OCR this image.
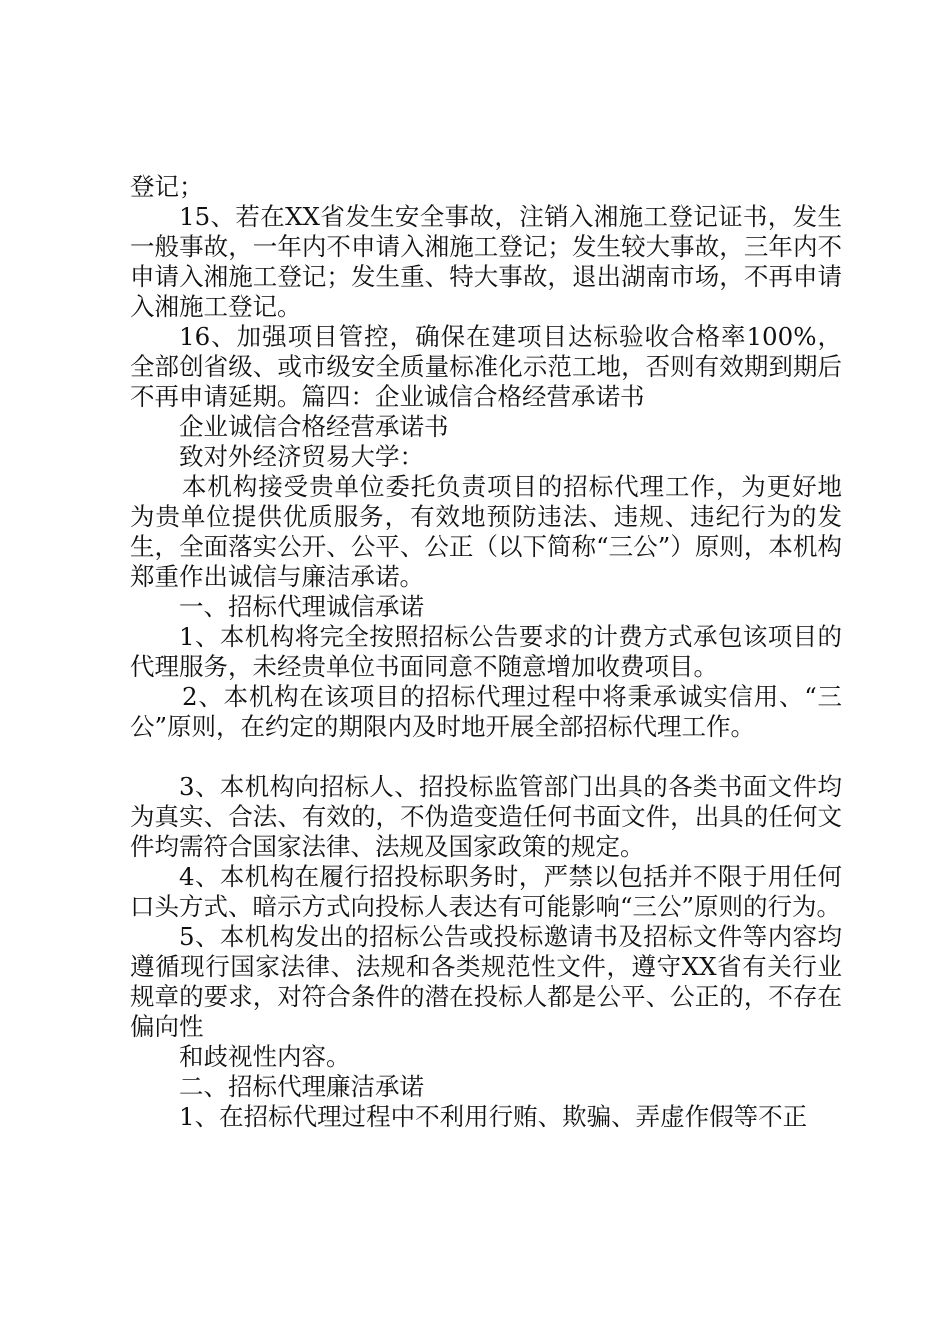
登记；

15、若在XX省发生安全事故，注销入湘施工登记证书，发生一般事故，一年内不申请入湘施工登记；发生较大事故，三年内不申请入湘施工登记；发生重、特大事故，退出湖南市场，不再申请入湘施工登记。

16、加强项目管控，确保在建项目达标验收合格率100%，全部创省级、或市级安全质量标准化示范工地，否则有效期到期后不再申请延期。篇四：企业诚信合格经营承诺书

企业诚信合格经营承诺书

致对外经济贸易大学：

本机构接受贵单位委托负责项目的招标代理工作，为更好地为贵单位提供优质服务，有效地预防违法、违规、违纪行为的发生，全面落实公开、公平、公正（以下简称“三公”）原则，本机构郑重作出诚信与廉洁承诺。

一、招标代理诚信承诺

1、本机构将完全按照招标公告要求的计费方式承包该项目的代理服务，未经贵单位书面同意不随意增加收费项目。

2、本机构在该项目的招标代理过程中将秉承诚实信用、“三公”原则，在约定的期限内及时地开展全部招标代理工作。

3、本机构向招标人、招投标监管部门出具的各类书面文件均为真实、合法、有效的，不伪造变造任何书面文件，出具的任何文件均需符合国家法律、法规及国家政策的规定。

4、本机构在履行招投标职务时，严禁以包括并不限于用任何口头方式、暗示方式向投标人表达有可能影响“三公”原则的行为。

5、本机构发出的招标公告或投标邀请书及招标文件等内容均遵循现行国家法律、法规和各类规范性文件，遵守XX省有关行业规章的要求，对符合条件的潜在投标人都是公平、公正的，不存在偏向性

和歧视性内容。

二、招标代理廉洁承诺

1、在招标代理过程中不利用行贿、欺骗、弄虚作假等不正
